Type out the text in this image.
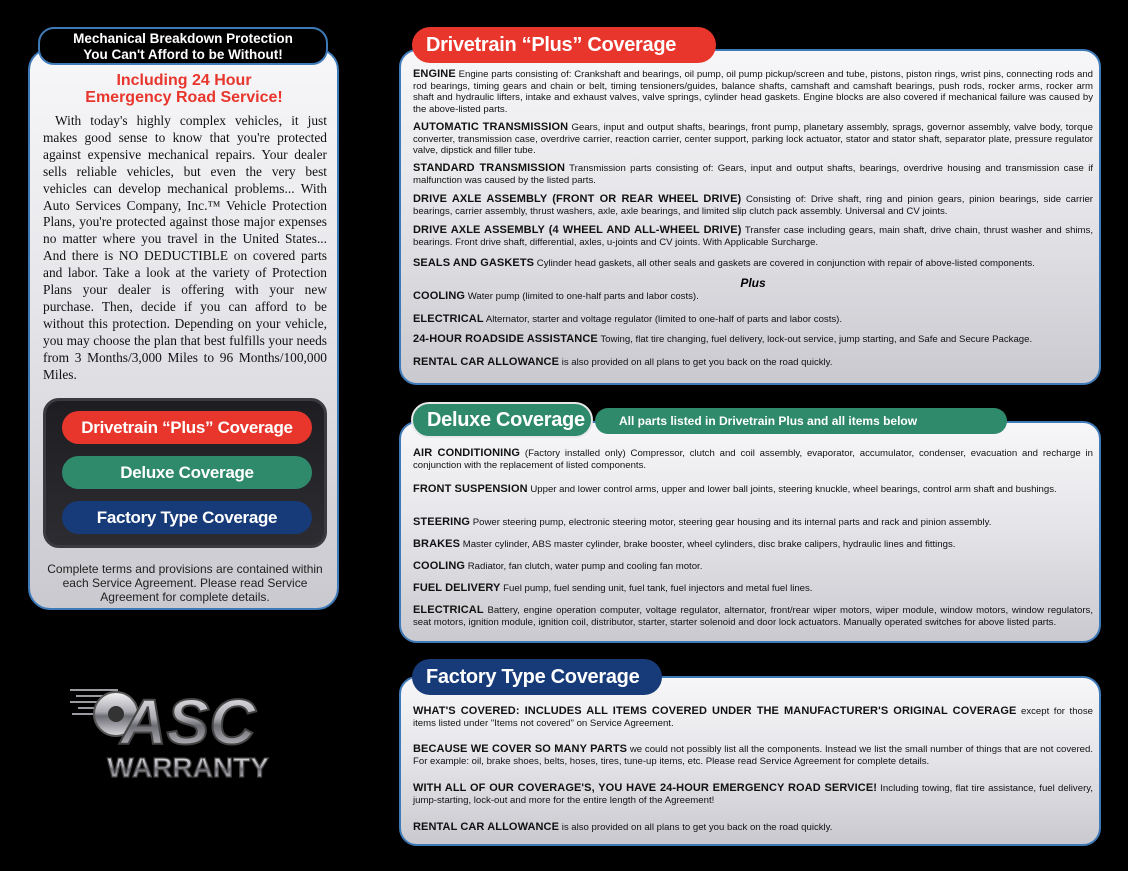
Mechanical Breakdown Protection
You Can't Afford to be Without!
Including 24 Hour
Emergency Road Service!

With today's highly complex vehicles, it just makes good sense to know that you're protected against expensive mechanical repairs. Your dealer sells reliable vehicles, but even the very best vehicles can develop mechanical problems... With Auto Services Company, Inc.™ Vehicle Protection Plans, you're protected against those major expenses no matter where you travel in the United States... And there is NO DEDUCTIBLE on covered parts and labor. Take a look at the variety of Protection Plans your dealer is offering with your new purchase. Then, decide if you can afford to be without this protection. Depending on your vehicle, you may choose the plan that best fulfills your needs from 3 Months/3,000 Miles to 96 Months/100,000 Miles.

Drivetrain “Plus” Coverage
Deluxe Coverage
Factory Type Coverage
Complete terms and provisions are contained within each Service Agreement. Please read Service Agreement for complete details.
ASC
WARRANTY
Drivetrain “Plus” Coverage
ENGINE Engine parts consisting of: Crankshaft and bearings, oil pump, oil pump pickup/screen and tube, pistons, piston rings, wrist pins, connecting rods and rod bearings, timing gears and chain or belt, timing tensioners/guides, balance shafts, camshaft and camshaft bearings, push rods, rocker arms, rocker arm shaft and hydraulic lifters, intake and exhaust valves, valve springs, cylinder head gaskets. Engine blocks are also covered if mechanical failure was caused by the above-listed parts.
AUTOMATIC TRANSMISSION Gears, input and output shafts, bearings, front pump, planetary assembly, sprags, governor assembly, valve body, torque converter, transmission case, overdrive carrier, reaction carrier, center support, parking lock actuator, stator and stator shaft, separator plate, pressure regulator valve, dipstick and filler tube.
STANDARD TRANSMISSION Transmission parts consisting of: Gears, input and output shafts, bearings, overdrive housing and transmission case if malfunction was caused by the listed parts.
DRIVE AXLE ASSEMBLY (FRONT OR REAR WHEEL DRIVE) Consisting of: Drive shaft, ring and pinion gears, pinion bearings, side carrier bearings, carrier assembly, thrust washers, axle, axle bearings, and limited slip clutch pack assembly. Universal and CV joints.
DRIVE AXLE ASSEMBLY (4 WHEEL AND ALL-WHEEL DRIVE) Transfer case including gears, main shaft, drive chain, thrust washer and shims, bearings. Front drive shaft, differential, axles, u-joints and CV joints. With Applicable Surcharge.
SEALS AND GASKETS Cylinder head gaskets, all other seals and gaskets are covered in conjunction with repair of above-listed components.
Plus
COOLING Water pump (limited to one-half parts and labor costs).
ELECTRICAL Alternator, starter and voltage regulator (limited to one-half of parts and labor costs).
24-HOUR ROADSIDE ASSISTANCE Towing, flat tire changing, fuel delivery, lock-out service, jump starting, and Safe and Secure Package.
RENTAL CAR ALLOWANCE is also provided on all plans to get you back on the road quickly.
All parts listed in Drivetrain Plus and all items below
Deluxe Coverage
AIR CONDITIONING (Factory installed only) Compressor, clutch and coil assembly, evaporator, accumulator, condenser, evacuation and recharge in conjunction with the replacement of listed components.
FRONT SUSPENSION Upper and lower control arms, upper and lower ball joints, steering knuckle, wheel bearings, control arm shaft and bushings.
STEERING Power steering pump, electronic steering motor, steering gear housing and its internal parts and rack and pinion assembly.
BRAKES Master cylinder, ABS master cylinder, brake booster, wheel cylinders, disc brake calipers, hydraulic lines and fittings.
COOLING Radiator, fan clutch, water pump and cooling fan motor.
FUEL DELIVERY Fuel pump, fuel sending unit, fuel tank, fuel injectors and metal fuel lines.
ELECTRICAL Battery, engine operation computer, voltage regulator, alternator, front/rear wiper motors, wiper module, window motors, window regulators, seat motors, ignition module, ignition coil, distributor, starter, starter solenoid and door lock actuators. Manually operated switches for above listed parts.
Factory Type Coverage
WHAT'S COVERED: INCLUDES ALL ITEMS COVERED UNDER THE MANUFACTURER'S ORIGINAL COVERAGE except for those items listed under "Items not covered" on Service Agreement.
BECAUSE WE COVER SO MANY PARTS we could not possibly list all the components. Instead we list the small number of things that are not covered. For example: oil, brake shoes, belts, hoses, tires, tune-up items, etc. Please read Service Agreement for complete details.
WITH ALL OF OUR COVERAGE'S, YOU HAVE 24-HOUR EMERGENCY ROAD SERVICE! Including towing, flat tire assistance, fuel delivery, jump-starting, lock-out and more for the entire length of the Agreement!
RENTAL CAR ALLOWANCE is also provided on all plans to get you back on the road quickly.
